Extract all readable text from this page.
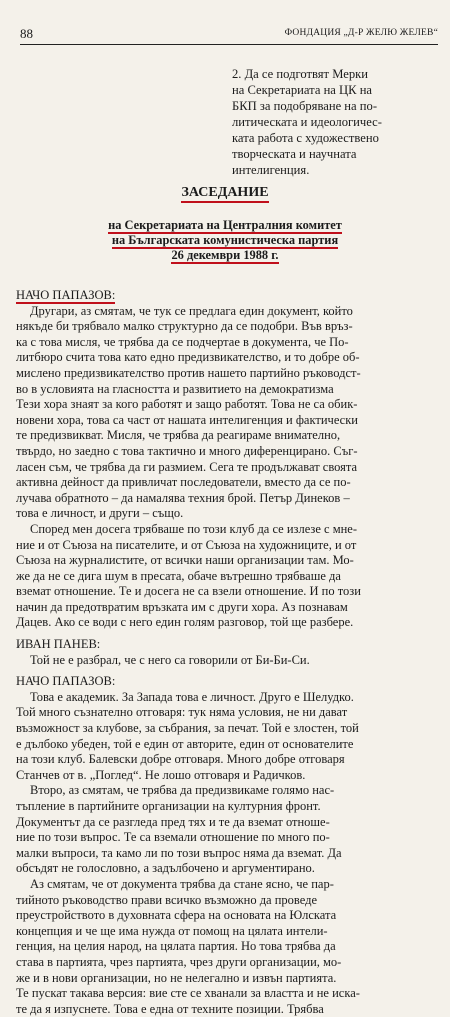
88	ФОНДАЦИЯ „Д-Р ЖЕЛЮ ЖЕЛЕВ“
2. Да се подготвят Мерки
на Секретариата на ЦК на
БКП за подобряване на по-
литическата и идеологичес-
ката работа с художествено
творческата и научната
интелигенция.
ЗАСЕДАНИЕ
на Секретариата на Централния комитет
на Българската комунистическа партия
26 декември 1988 г.
НАЧО ПАПАЗОВ:
Другари, аз смятам, че тук се предлага един документ, който
някъде би трябвало малко структурно да се подобри. Във връз-
ка с това мисля, че трябва да се подчертае в документа, че По-
литбюро счита това като едно предизвикателство, и то добре об-
мислено предизвикателство против нашето партийно ръководст-
во в условията на гласността и развитието на демократизма
Тези хора знаят за кого работят и защо работят. Това не са обик-
новени хора, това са част от нашата интелигенция и фактически
те предизвикват. Мисля, че трябва да реагираме внимателно,
твърдо, но заедно с това тактично и много диференцирано. Съг-
ласен съм, че трябва да ги размием. Сега те продължават своята
активна дейност да привличат последователи, вместо да се по-
лучава обратното – да намалява техния брой. Петър Динеков –
това е личност, и други – също.
Според мен досега трябваше по този клуб да се излезе с мне-
ние и от Съюза на писателите, и от Съюза на художниците, и от
Съюза на журналистите, от всички наши организации там. Мо-
же да не се дига шум в пресата, обаче вътрешно трябваше да
вземат отношение. Те и досега не са взели отношение. И по този
начин да предотвратим връзката им с други хора. Аз познавам
Дацев. Ако се води с него един голям разговор, той ще разбере.
ИВАН ПАНЕВ:
Той не е разбрал, че с него са говорили от Би-Би-Си.
НАЧО ПАПАЗОВ:
Това е академик. За Запада това е личност. Друго е Шелудко.
Той много съзнателно отговаря: тук няма условия, не ни дават
възможност за клубове, за събрания, за печат. Той е злостен, той
е дълбоко убеден, той е един от авторите, един от основателите
на този клуб. Балевски добре отговаря. Много добре отговаря
Станчев от в. „Поглед“. Не лошо отговаря и Радичков.
Второ, аз смятам, че трябва да предизвикаме голямо нас-
тъпление в партийните организации на културния фронт.
Документът да се разгледа пред тях и те да вземат отноше-
ние по този въпрос. Те са вземали отношение по много по-
малки въпроси, та камо ли по този въпрос няма да вземат. Да
обсъдят не голословно, а задълбочено и аргументирано.
Аз смятам, че от документа трябва да стане ясно, че пар-
тийното ръководство прави всичко възможно да проведе
преустройството в духовната сфера на основата на Юлската
концепция и че ще има нужда от помощ на цялата интели-
генция, на целия народ, на цялата партия. Но това трябва да
става в партията, чрез партията, чрез други организации, мо-
же и в нови организации, но не нелегално и извън партията.
Те пускат такава версия: вие сте се хванали за властта и не иска-
те да я изпуснете. Това е една от техните позиции. Трябва
